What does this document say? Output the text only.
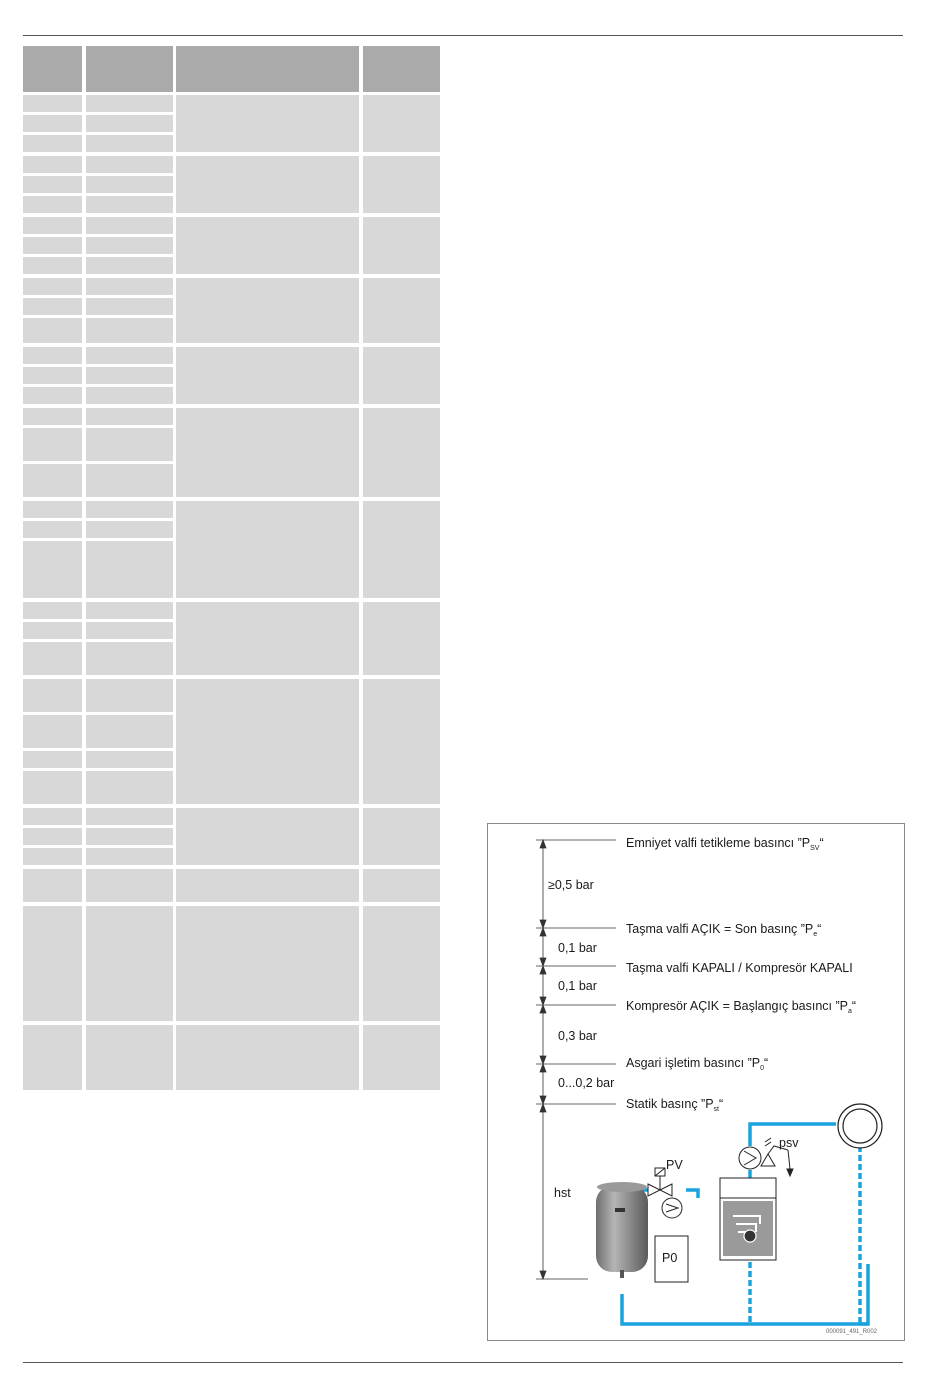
Emniyet valfi tetikleme basıncı $”P_{SV}“$
Taşma valfi AÇIK = Son basınç $”P_e“$
Taşma valfi KAPALI / Kompresör KAPALI
Kompresör AÇIK = Başlangıç basıncı $”P_a“$
Asgari işletim basıncı $”P_0“$
Statik basınç $”P_{st}“$
≥0,5 bar
0,1 bar
0,1 bar
0,3 bar
0...0,2 bar
hst
PV
psv
P0
000091_491_R002
